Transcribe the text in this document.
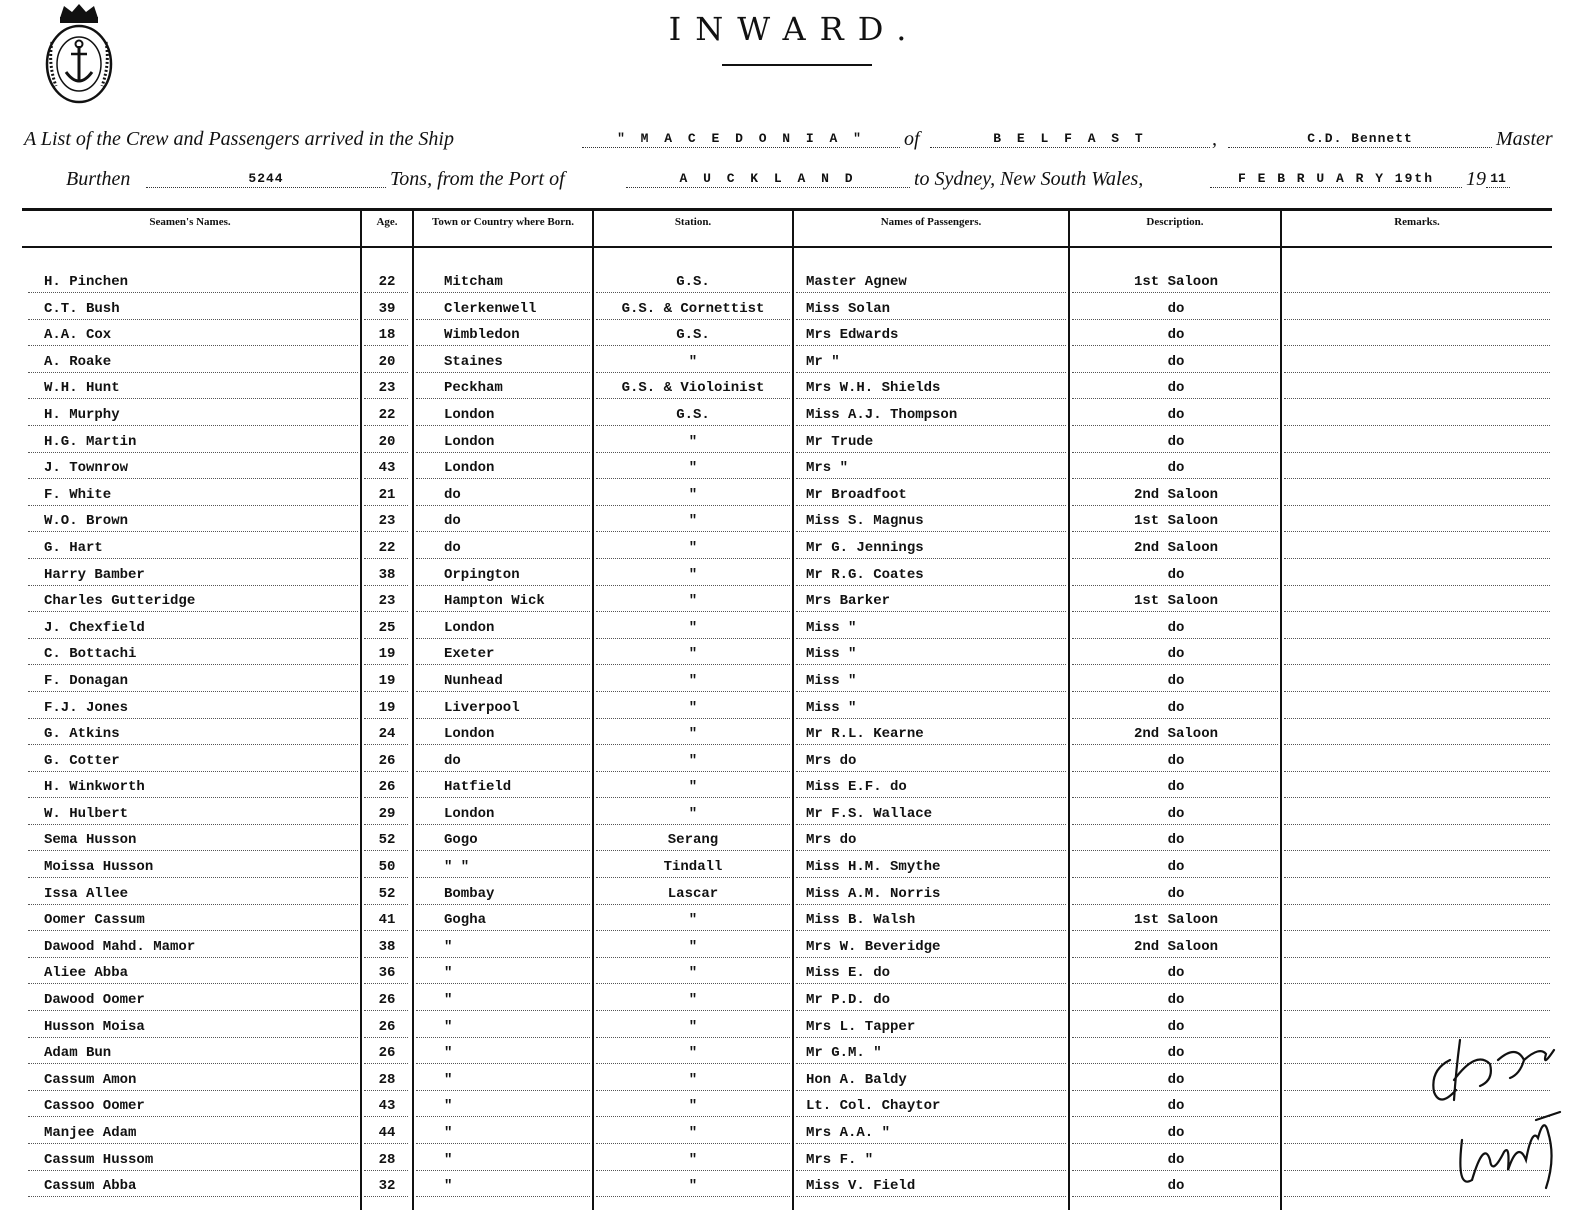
INWARD.
A List of the Crew and Passengers arrived in the Ship	" M A C E D O N I A "	of	B E L F A S T	,	C.D. Bennett	Master
Burthen	5244	Tons, from the Port of	A U C K L A N D	to Sydney, New South Wales,	F E B R U A R Y 19th	19 11
Seamen's Names.	Age.	Town or Country where Born.	Station.	Names of Passengers.	Description.	Remarks.
H. Pinchen	22	Mitcham	G.S.	Master Agnew	1st Saloon
C.T. Bush	39	Clerkenwell	G.S. & Cornettist	Miss Solan	do
A.A. Cox	18	Wimbledon	G.S.	Mrs Edwards	do
A. Roake	20	Staines	"	Mr "	do
W.H. Hunt	23	Peckham	G.S. & Violoinist	Mrs W.H. Shields	do
H. Murphy	22	London	G.S.	Miss A.J. Thompson	do
H.G. Martin	20	London	"	Mr Trude	do
J. Townrow	43	London	"	Mrs "	do
F. White	21	do	"	Mr Broadfoot	2nd Saloon
W.O. Brown	23	do	"	Miss S. Magnus	1st Saloon
G. Hart	22	do	"	Mr G. Jennings	2nd Saloon
Harry Bamber	38	Orpington	"	Mr R.G. Coates	do
Charles Gutteridge	23	Hampton Wick	"	Mrs Barker	1st Saloon
J. Chexfield	25	London	"	Miss "	do
C. Bottachi	19	Exeter	"	Miss "	do
F. Donagan	19	Nunhead	"	Miss "	do
F.J. Jones	19	Liverpool	"	Miss "	do
G. Atkins	24	London	"	Mr R.L. Kearne	2nd Saloon
G. Cotter	26	do	"	Mrs do	do
H. Winkworth	26	Hatfield	"	Miss E.F. do	do
W. Hulbert	29	London	"	Mr F.S. Wallace	do
Sema Husson	52	Gogo	Serang	Mrs do	do
Moissa Husson	50	" "	Tindall	Miss H.M. Smythe	do
Issa Allee	52	Bombay	Lascar	Miss A.M. Norris	do
Oomer Cassum	41	Gogha	"	Miss B. Walsh	1st Saloon
Dawood Mahd. Mamor	38	"	"	Mrs W. Beveridge	2nd Saloon
Aliee Abba	36	"	"	Miss E. do	do
Dawood Oomer	26	"	"	Mr P.D. do	do
Husson Moisa	26	"	"	Mrs L. Tapper	do
Adam Bun	26	"	"	Mr G.M. "	do
Cassum Amon	28	"	"	Hon A. Baldy	do
Cassoo Oomer	43	"	"	Lt. Col. Chaytor	do
Manjee Adam	44	"	"	Mrs A.A. "	do
Cassum Hussom	28	"	"	Mrs F. "	do
Cassum Abba	32	"	"	Miss V. Field	do
